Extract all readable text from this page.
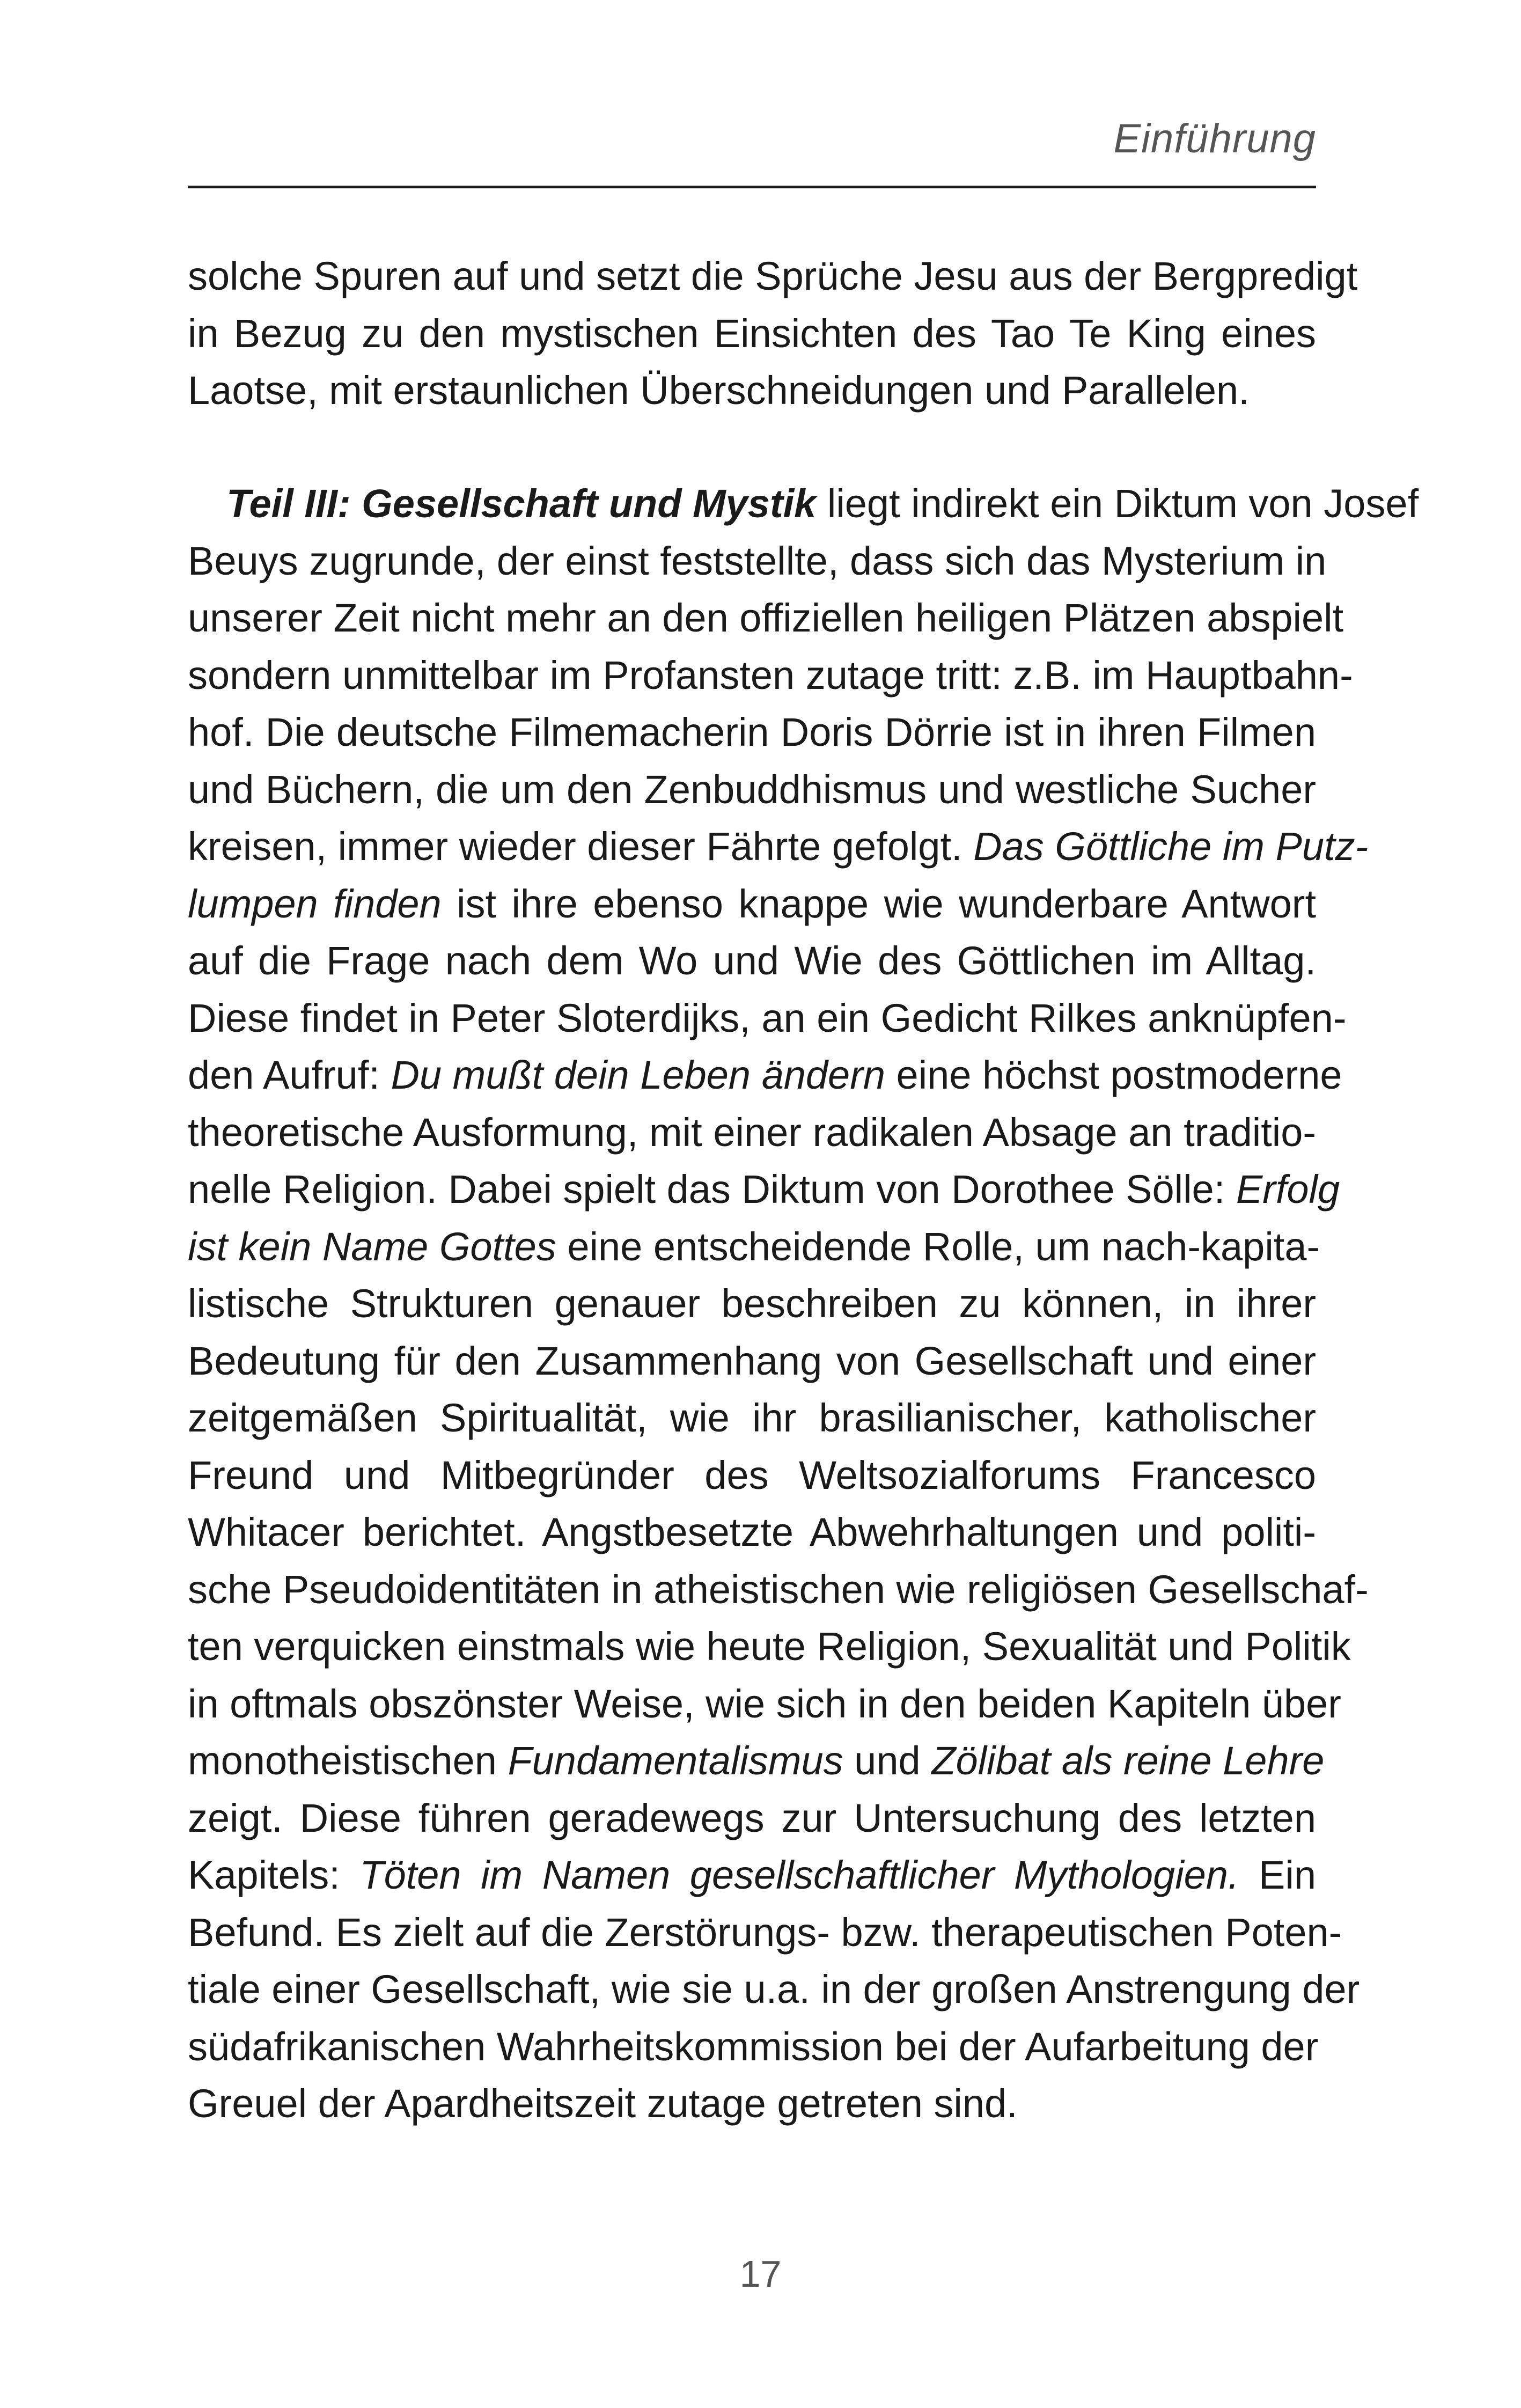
Einführung
solche Spuren auf und setzt die Sprüche Jesu aus der Bergpredigt
in Bezug zu den mystischen Einsichten des Tao Te King eines
Laotse, mit erstaunlichen Überschneidungen und Parallelen.
Teil III: Gesellschaft und Mystik liegt indirekt ein Diktum von Josef
Beuys zugrunde, der einst feststellte, dass sich das Mysterium in
unserer Zeit nicht mehr an den offiziellen heiligen Plätzen abspielt
sondern unmittelbar im Profansten zutage tritt: z.B. im Hauptbahn-
hof. Die deutsche Filmemacherin Doris Dörrie ist in ihren Filmen
und Büchern, die um den Zenbuddhismus und westliche Sucher
kreisen, immer wieder dieser Fährte gefolgt. Das Göttliche im Putz-
lumpen finden ist ihre ebenso knappe wie wunderbare Antwort
auf die Frage nach dem Wo und Wie des Göttlichen im Alltag.
Diese findet in Peter Sloterdijks, an ein Gedicht Rilkes anknüpfen-
den Aufruf: Du mußt dein Leben ändern eine höchst postmoderne
theoretische Ausformung, mit einer radikalen Absage an traditio-
nelle Religion. Dabei spielt das Diktum von Dorothee Sölle: Erfolg
ist kein Name Gottes eine entscheidende Rolle, um nach-kapita-
listische Strukturen genauer beschreiben zu können, in ihrer
Bedeutung für den Zusammenhang von Gesellschaft und einer
zeitgemäßen Spiritualität, wie ihr brasilianischer, katholischer
Freund und Mitbegründer des Weltsozialforums Francesco
Whitacer berichtet. Angstbesetzte Abwehrhaltungen und politi-
sche Pseudoidentitäten in atheistischen wie religiösen Gesellschaf-
ten verquicken einstmals wie heute Religion, Sexualität und Politik
in oftmals obszönster Weise, wie sich in den beiden Kapiteln über
monotheistischen Fundamentalismus und Zölibat als reine Lehre
zeigt. Diese führen geradewegs zur Untersuchung des letzten
Kapitels: Töten im Namen gesellschaftlicher Mythologien. Ein
Befund. Es zielt auf die Zerstörungs- bzw. therapeutischen Poten-
tiale einer Gesellschaft, wie sie u.a. in der großen Anstrengung der
südafrikanischen Wahrheitskommission bei der Aufarbeitung der
Greuel der Apardheitszeit zutage getreten sind.
17
